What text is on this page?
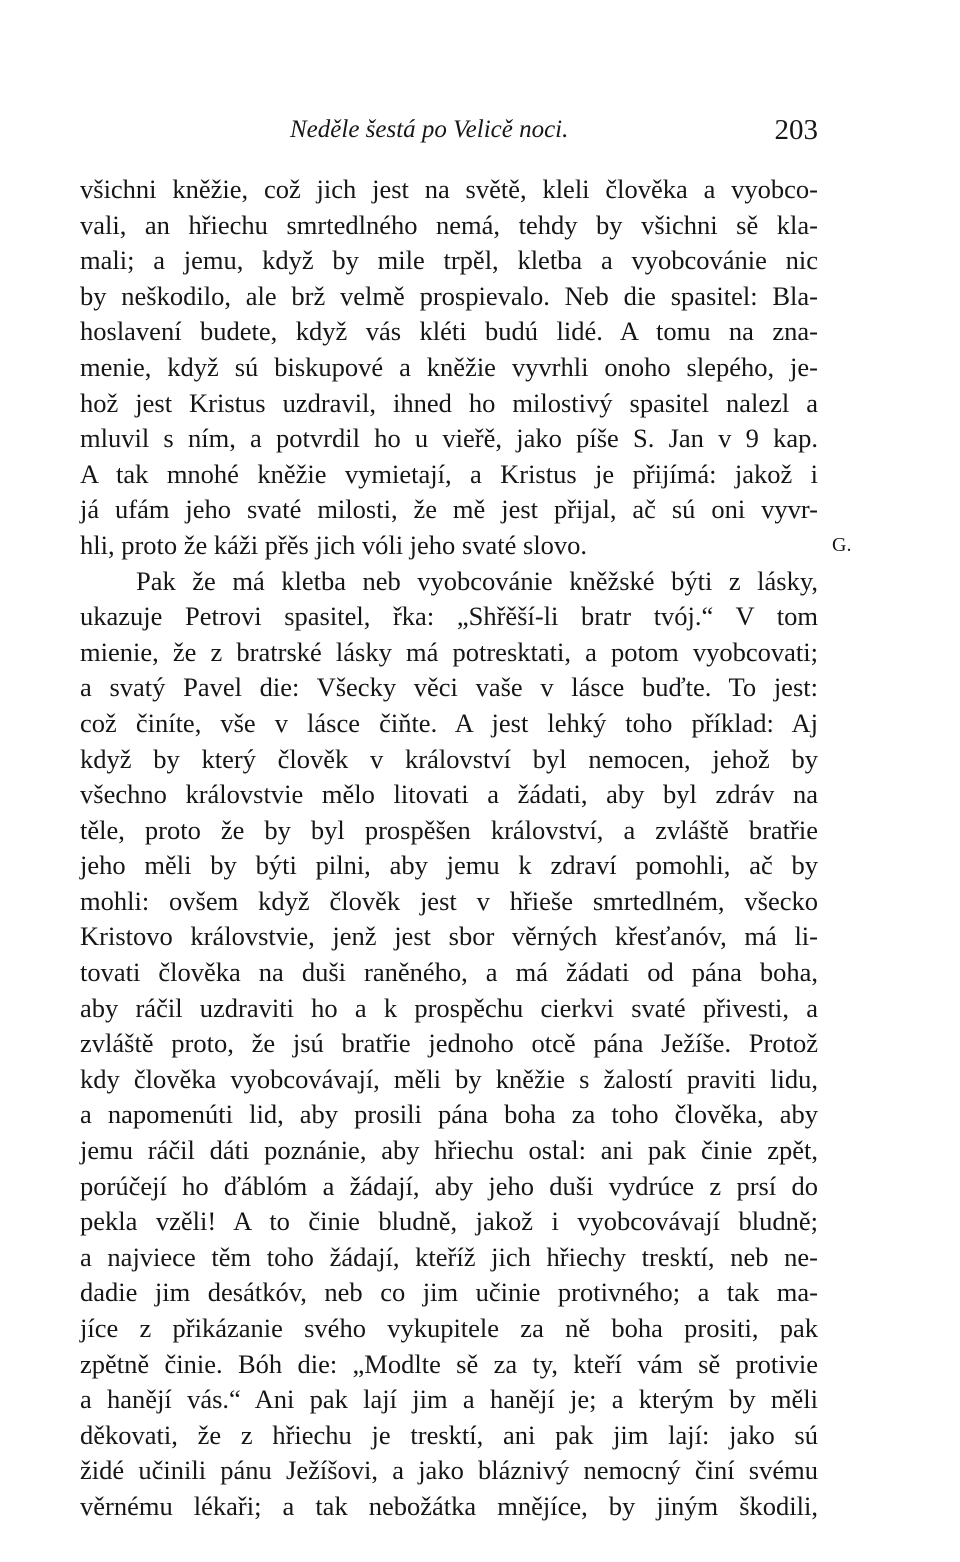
Neděle šestá po Velicě noci.	203
všichni kněžie, což jich jest na světě, kleli člověka a vyobco-
vali, an hřiechu smrtedlného nemá, tehdy by všichni sě kla-
mali; a jemu, když by mile trpěl, kletba a vyobcovánie nic
by neškodilo, ale brž velmě prospievalo. Neb die spasitel: Bla-
hoslavení budete, když vás kléti budú lidé. A tomu na zna-
menie, když sú biskupové a kněžie vyvrhli onoho slepého, je-
hož jest Kristus uzdravil, ihned ho milostivý spasitel nalezl a
mluvil s ním, a potvrdil ho u vieřě, jako píše S. Jan v 9 kap.
A tak mnohé kněžie vymietají, a Kristus je přijímá: jakož i
já ufám jeho svaté milosti, že mě jest přijal, ač sú oni vyvr-
hli, proto že káži přěs jich vóli jeho svaté slovo.
Pak že má kletba neb vyobcovánie kněžské býti z lásky,
ukazuje Petrovi spasitel, řka: „Shřěší-li bratr tvój.“ V tom
mienie, že z bratrské lásky má potresktati, a potom vyobcovati;
a svatý Pavel die: Všecky věci vaše v lásce buďte. To jest:
což činíte, vše v lásce čiňte. A jest lehký toho příklad: Aj
když by který člověk v království byl nemocen, jehož by
všechno královstvie mělo litovati a žádati, aby byl zdráv na
těle, proto že by byl prospěšen království, a zvláště bratřie
jeho měli by býti pilni, aby jemu k zdraví pomohli, ač by
mohli: ovšem když člověk jest v hřieše smrtedlném, všecko
Kristovo královstvie, jenž jest sbor věrných křesťanóv, má li-
tovati člověka na duši raněného, a má žádati od pána boha,
aby ráčil uzdraviti ho a k prospěchu cierkvi svaté přivesti, a
zvláště proto, že jsú bratřie jednoho otcě pána Ježíše. Protož
kdy člověka vyobcovávají, měli by kněžie s žalostí praviti lidu,
a napomenúti lid, aby prosili pána boha za toho člověka, aby
jemu ráčil dáti poznánie, aby hřiechu ostal: ani pak činie zpět,
porúčejí ho ďáblóm a žádají, aby jeho duši vydrúce z prsí do
pekla vzěli! A to činie bludně, jakož i vyobcovávají bludně;
a najviece těm toho žádají, kteříž jich hřiechy tresktí, neb ne-
dadie jim desátkóv, neb co jim učinie protivného; a tak ma-
jíce z přikázanie svého vykupitele za ně boha prositi, pak
zpětně činie. Bóh die: „Modlte sě za ty, kteří vám sě protivie
a hanějí vás.“ Ani pak lají jim a hanějí je; a kterým by měli
děkovati, že z hřiechu je tresktí, ani pak jim lají: jako sú
židé učinili pánu Ježíšovi, a jako bláznivý nemocný činí svému
věrnému lékaři; a tak nebožátka mnějíce, by jiným škodili,
G.
